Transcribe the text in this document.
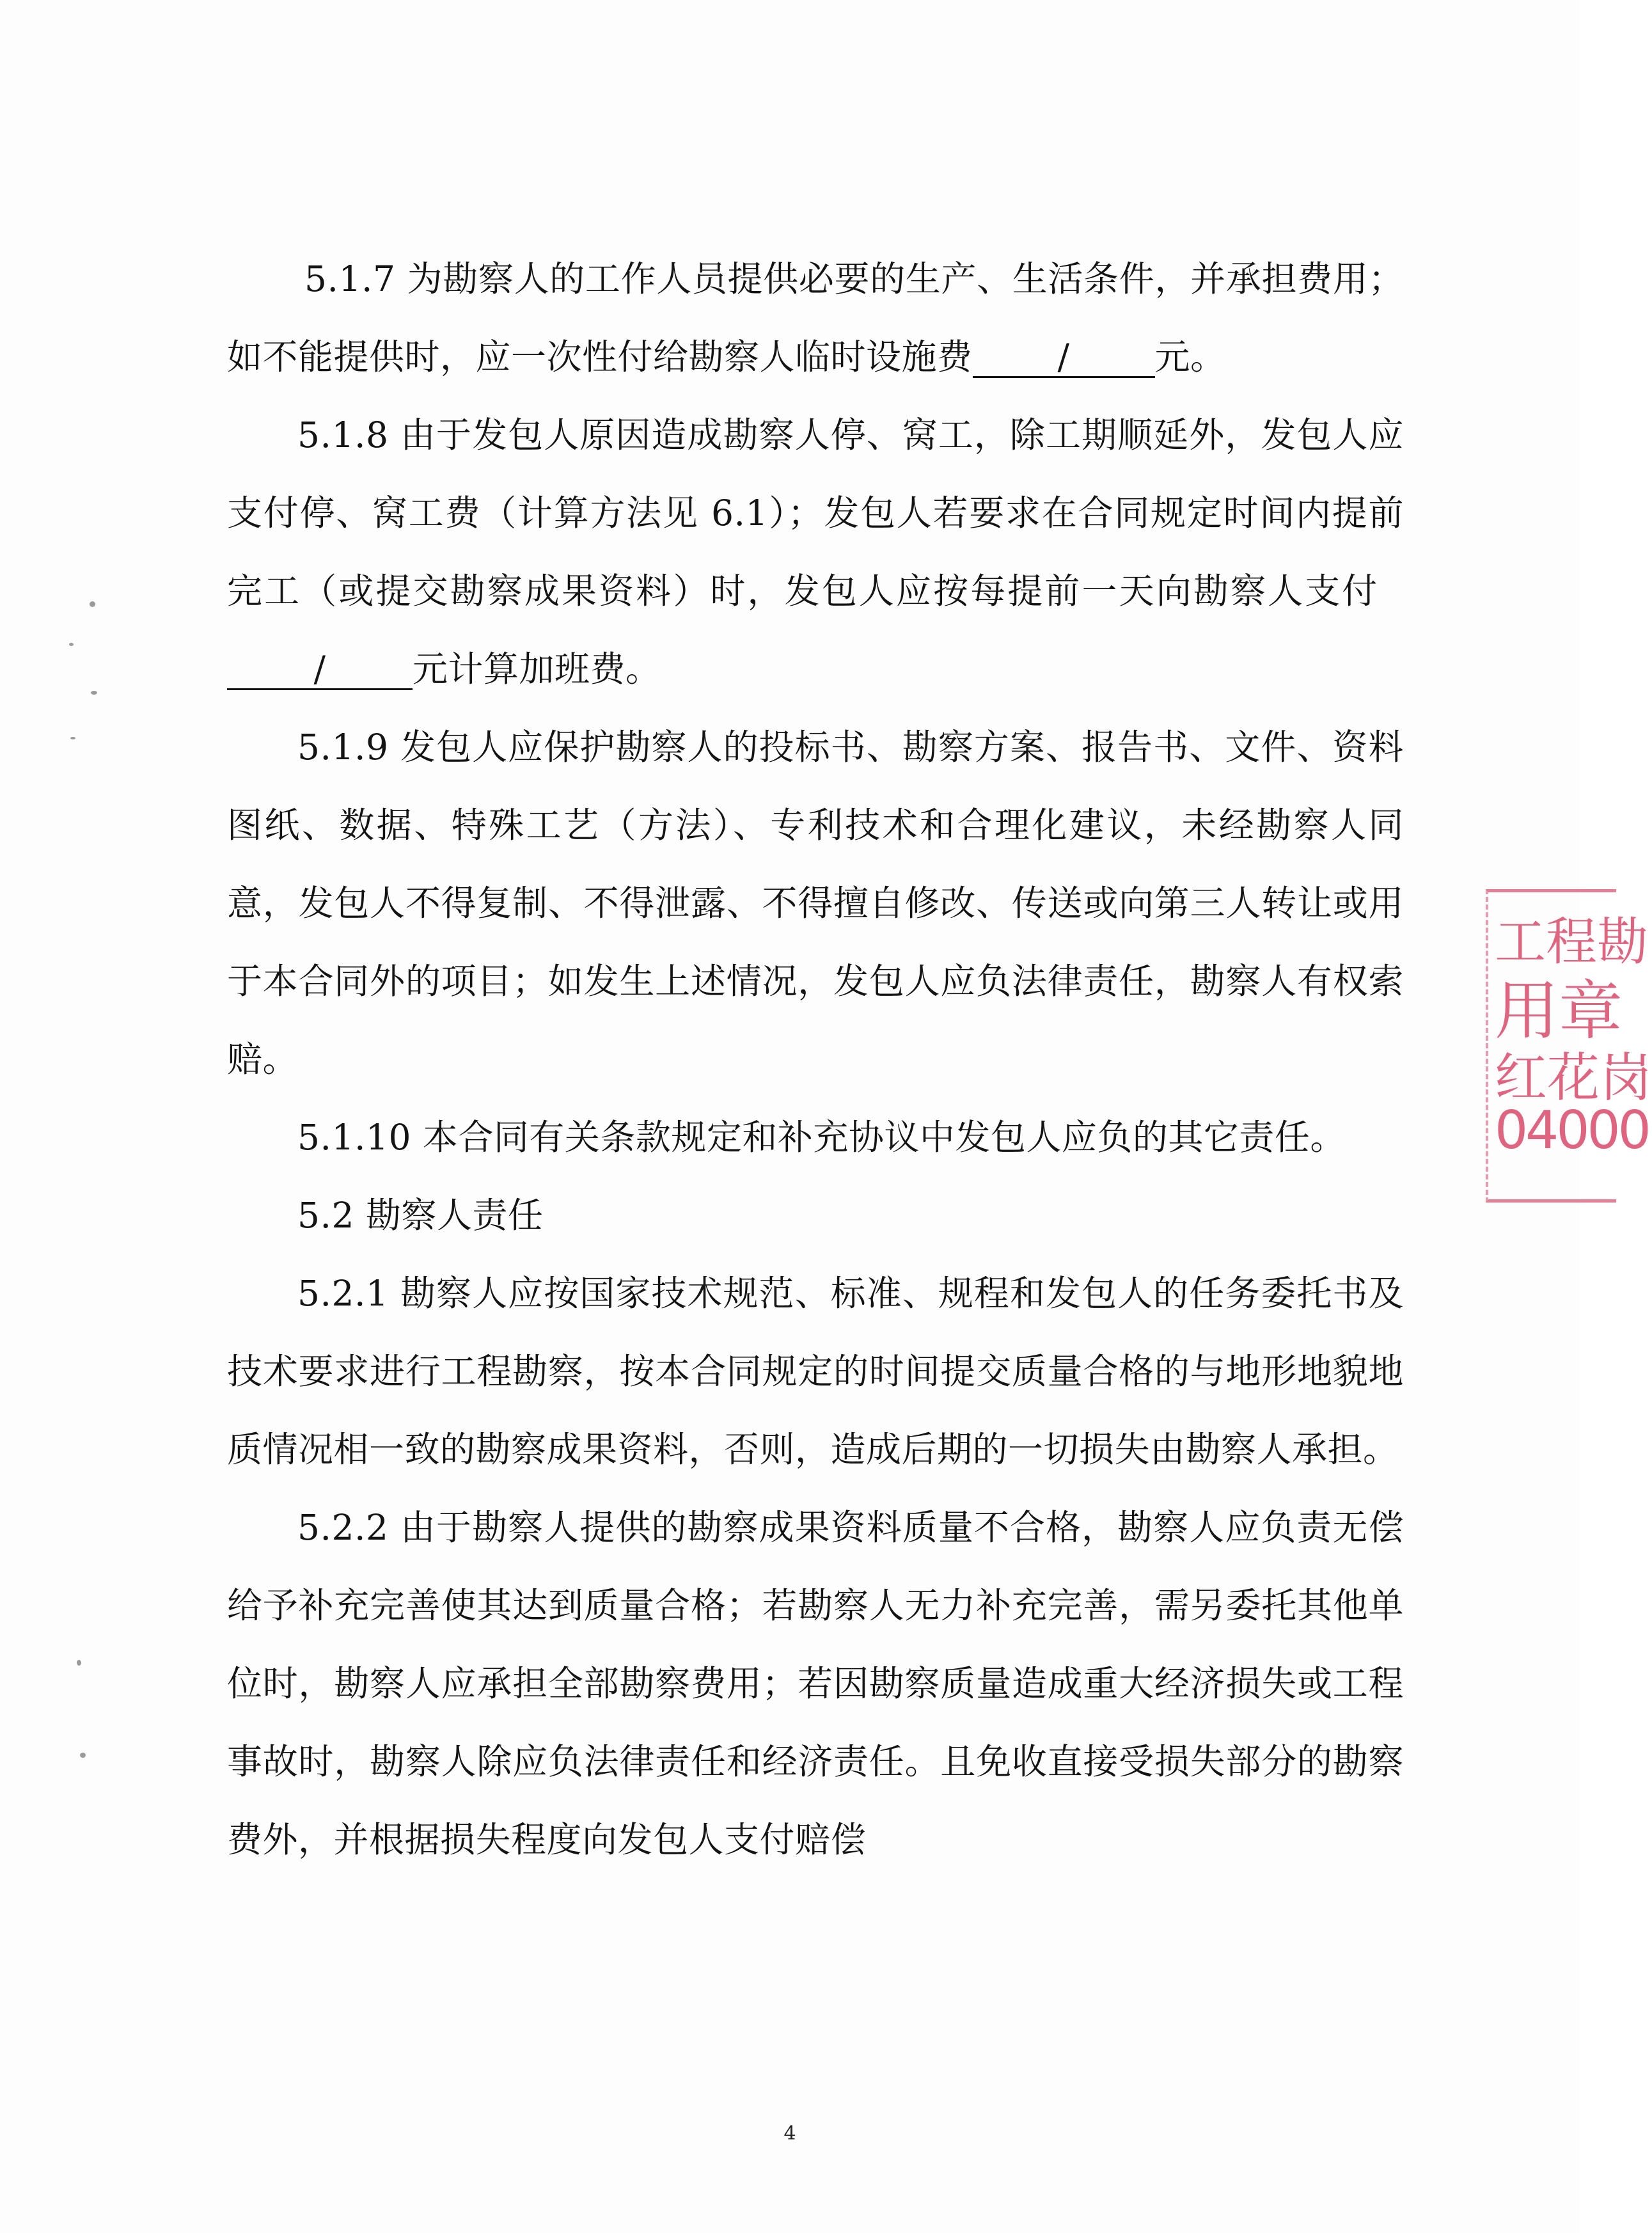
5.1.7 为勘察人的工作人员提供必要的生产、生活条件，并承担费用；如不能提供时，应一次性付给勘察人临时设施费 / 元。

5.1.8 由于发包人原因造成勘察人停、窝工，除工期顺延外，发包人应支付停、窝工费（计算方法见 6.1）；发包人若要求在合同规定时间内提前完工（或提交勘察成果资料）时，发包人应按每提前一天向勘察人支付  / 元计算加班费。

5.1.9 发包人应保护勘察人的投标书、勘察方案、报告书、文件、资料图纸、数据、特殊工艺（方法）、专利技术和合理化建议，未经勘察人同意，发包人不得复制、不得泄露、不得擅自修改、传送或向第三人转让或用于本合同外的项目；如发生上述情况，发包人应负法律责任，勘察人有权索赔。

5.1.10 本合同有关条款规定和补充协议中发包人应负的其它责任。

5.2 勘察人责任

5.2.1 勘察人应按国家技术规范、标准、规程和发包人的任务委托书及技术要求进行工程勘察，按本合同规定的时间提交质量合格的与地形地貌地质情况相一致的勘察成果资料，否则，造成后期的一切损失由勘察人承担。

5.2.2 由于勘察人提供的勘察成果资料质量不合格，勘察人应负责无偿给予补充完善使其达到质量合格；若勘察人无力补充完善，需另委托其他单位时，勘察人应承担全部勘察费用；若因勘察质量造成重大经济损失或工程事故时，勘察人除应负法律责任和经济责任。且免收直接受损失部分的勘察费外，并根据损失程度向发包人支付赔偿

工程勘
用章
红花岗
04000
4
